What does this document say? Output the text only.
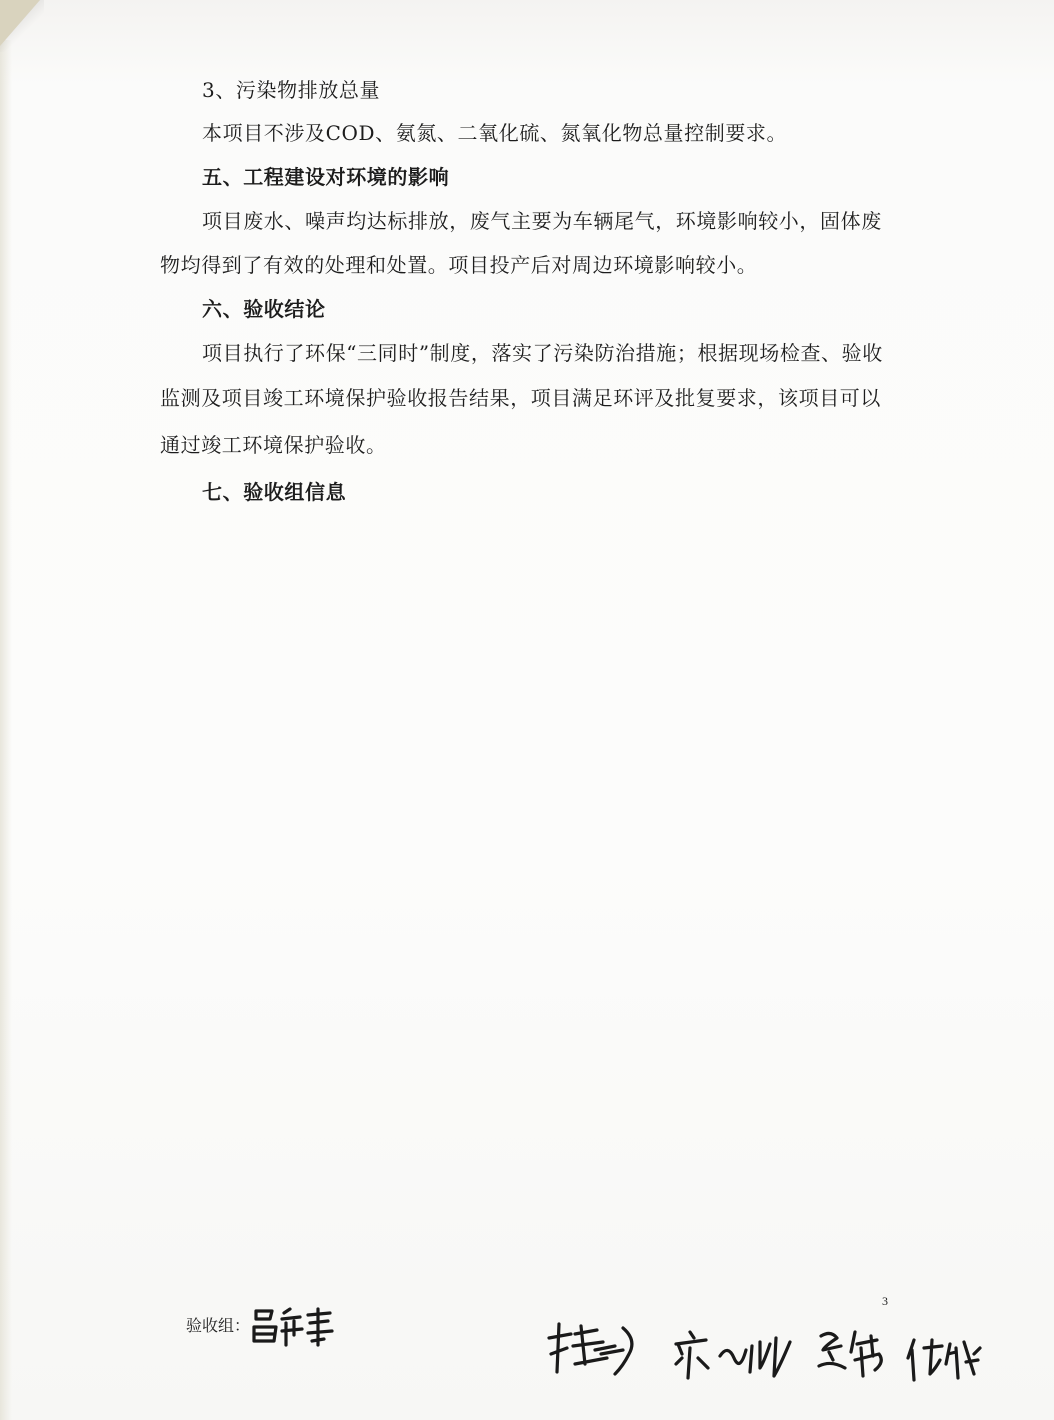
3、污染物排放总量
本项目不涉及COD、氨氮、二氧化硫、氮氧化物总量控制要求。
五、工程建设对环境的影响
项目废水、噪声均达标排放，废气主要为车辆尾气，环境影响较小，固体废
物均得到了有效的处理和处置。项目投产后对周边环境影响较小。
六、验收结论
项目执行了环保“三同时”制度，落实了污染防治措施；根据现场检查、验收
监测及项目竣工环境保护验收报告结果，项目满足环评及批复要求，该项目可以
通过竣工环境保护验收。
七、验收组信息
验收组：
3
